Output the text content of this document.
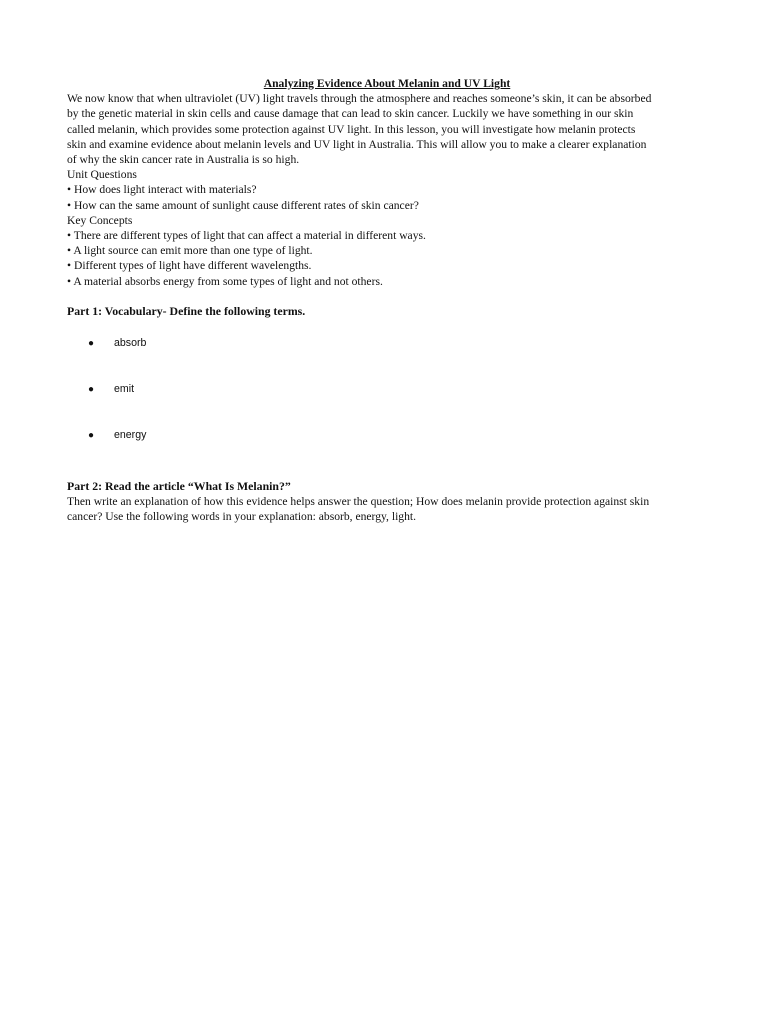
Analyzing Evidence About Melanin and UV Light

We now know that when ultraviolet (UV) light travels through the atmosphere and reaches someone’s skin, it can be absorbed

by the genetic material in skin cells and cause damage that can lead to skin cancer. Luckily we have something in our skin

called melanin, which provides some protection against UV light. In this lesson, you will investigate how melanin protects

skin and examine evidence about melanin levels and UV light in Australia. This will allow you to make a clearer explanation

of why the skin cancer rate in Australia is so high.

Unit Questions

• How does light interact with materials?

• How can the same amount of sunlight cause different rates of skin cancer?

Key Concepts

• There are different types of light that can affect a material in different ways.

• A light source can emit more than one type of light.

• Different types of light have different wavelengths.

• A material absorbs energy from some types of light and not others.

Part 1: Vocabulary- Define the following terms.

● absorb
● emit
● energy

Part 2: Read the article “What Is Melanin?”

Then write an explanation of how this evidence helps answer the question; How does melanin provide protection against skin

cancer? Use the following words in your explanation: absorb, energy, light.
